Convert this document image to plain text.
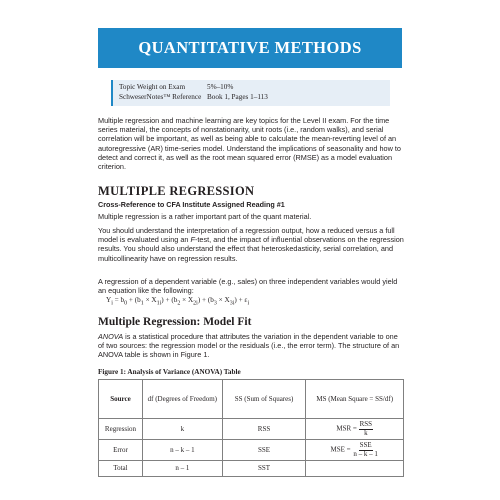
QUANTITATIVE METHODS
Topic Weight on Exam	5%–10%
SchweserNotes™ Reference Book 1, Pages 1–113

Multiple regression and machine learning are key topics for the Level II exam. For the time series material, the concepts of nonstationarity, unit roots (i.e., random walks), and serial correlation will be important, as well as being able to calculate the mean-reverting level of an autoregressive (AR) time-series model. Understand the implications of seasonality and how to detect and correct it, as well as the root mean squared error (RMSE) as a model evaluation criterion.

MULTIPLE REGRESSION

Cross-Reference to CFA Institute Assigned Reading #1

Multiple regression is a rather important part of the quant material.

You should understand the interpretation of a regression output, how a reduced versus a full model is evaluated using an F-test, and the impact of influential observations on the regression results. You should also understand the effect that heteroskedasticity, serial correlation, and multicollinearity have on regression results.

A regression of a dependent variable (e.g., sales) on three independent variables would yield an equation like the following:

$Y_i = b_0 + (b_1 \times X_{1i}) + (b_2 \times X_{2i}) + (b_3 \times X_{3i}) + \varepsilon_i$

Multiple Regression: Model Fit

ANOVA is a statistical procedure that attributes the variation in the dependent variable to one of two sources: the regression model or the residuals (i.e., the error term). The structure of an ANOVA table is shown in Figure 1.

Figure 1: Analysis of Variance (ANOVA) Table

Source	df (Degrees of Freedom)	SS (Sum of Squares)	MS (Mean Square = SS/df)
Regression	k	RSS	MSR = $\frac{\text{RSS}}{k}$

Error	n – k – 1	SSE	MSE = $\frac{\text{SSE}}{n - k - 1}$

Total	n – 1	SST	
